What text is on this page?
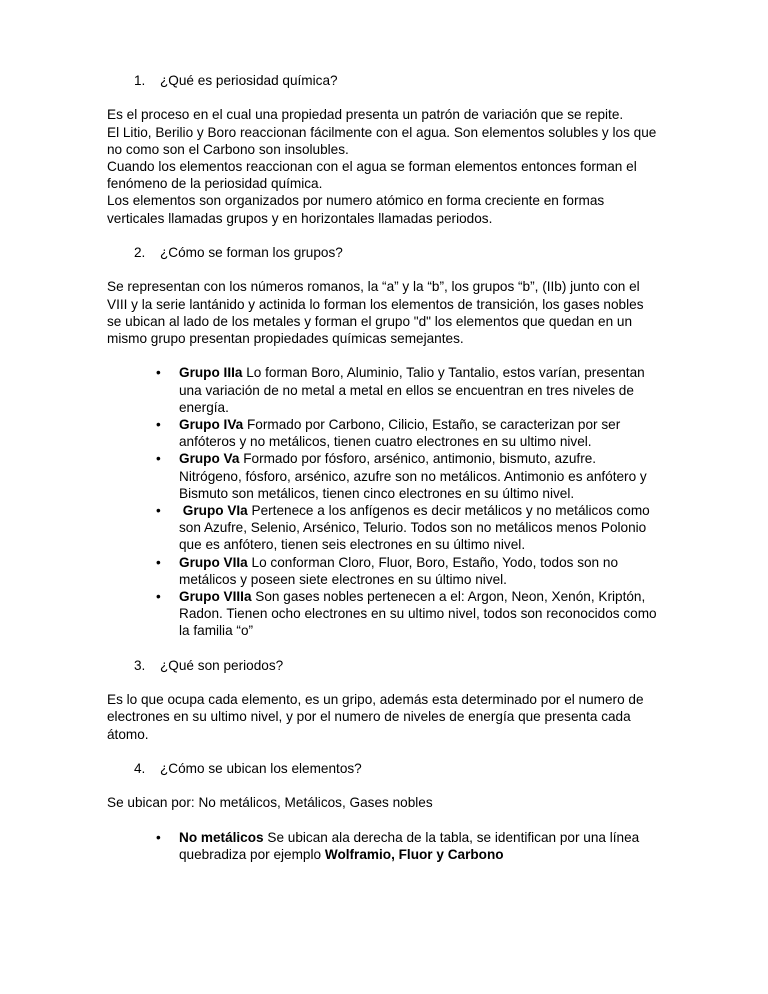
1.	¿Qué es periosidad química?

Es el proceso en el cual una propiedad presenta un patrón de variación que se repite.

El Litio, Berilio y Boro reaccionan fácilmente con el agua. Son elementos solubles y los que no como son el Carbono son insolubles.

Cuando los elementos reaccionan con el agua se forman elementos entonces forman el fenómeno de la periosidad química.

Los elementos son organizados por numero atómico en forma creciente en formas verticales llamadas grupos y en horizontales llamadas periodos.

2.	¿Cómo se forman los grupos?

Se representan con los números romanos, la “a” y la “b”, los grupos “b”, (IIb) junto con el VIII y la serie lantánido y actinida lo forman los elementos de transición, los gases nobles se ubican al lado de los metales y forman el grupo "d" los elementos que quedan en un mismo grupo presentan propiedades químicas semejantes.

• Grupo IIIa Lo forman Boro, Aluminio, Talio y Tantalio, estos varían, presentan una variación de no metal a metal en ellos se encuentran en tres niveles de energía.
• Grupo IVa Formado por Carbono, Cilicio, Estaño, se caracterizan por ser anfóteros y no metálicos, tienen cuatro electrones en su ultimo nivel.
• Grupo Va Formado por fósforo, arsénico, antimonio, bismuto, azufre. Nitrógeno, fósforo, arsénico, azufre son no metálicos. Antimonio es anfótero y Bismuto son metálicos, tienen cinco electrones en su último nivel.
• Grupo VIa Pertenece a los anfígenos es decir metálicos y no metálicos como son Azufre, Selenio, Arsénico, Telurio. Todos son no metálicos menos Polonio que es anfótero, tienen seis electrones en su último nivel.
• Grupo VIIa Lo conforman Cloro, Fluor, Boro, Estaño, Yodo, todos son no metálicos y poseen siete electrones en su último nivel.
• Grupo VIIIa Son gases nobles pertenecen a el: Argon, Neon, Xenón, Kriptón, Radon. Tienen ocho electrones en su ultimo nivel, todos son reconocidos como la familia “o”
3.	¿Qué son periodos?

Es lo que ocupa cada elemento, es un gripo, además esta determinado por el numero de electrones en su ultimo nivel, y por el numero de niveles de energía que presenta cada átomo.

4.	¿Cómo se ubican los elementos?

Se ubican por: No metálicos, Metálicos, Gases nobles

• No metálicos Se ubican ala derecha de la tabla, se identifican por una línea quebradiza por ejemplo Wolframio, Fluor y Carbono
